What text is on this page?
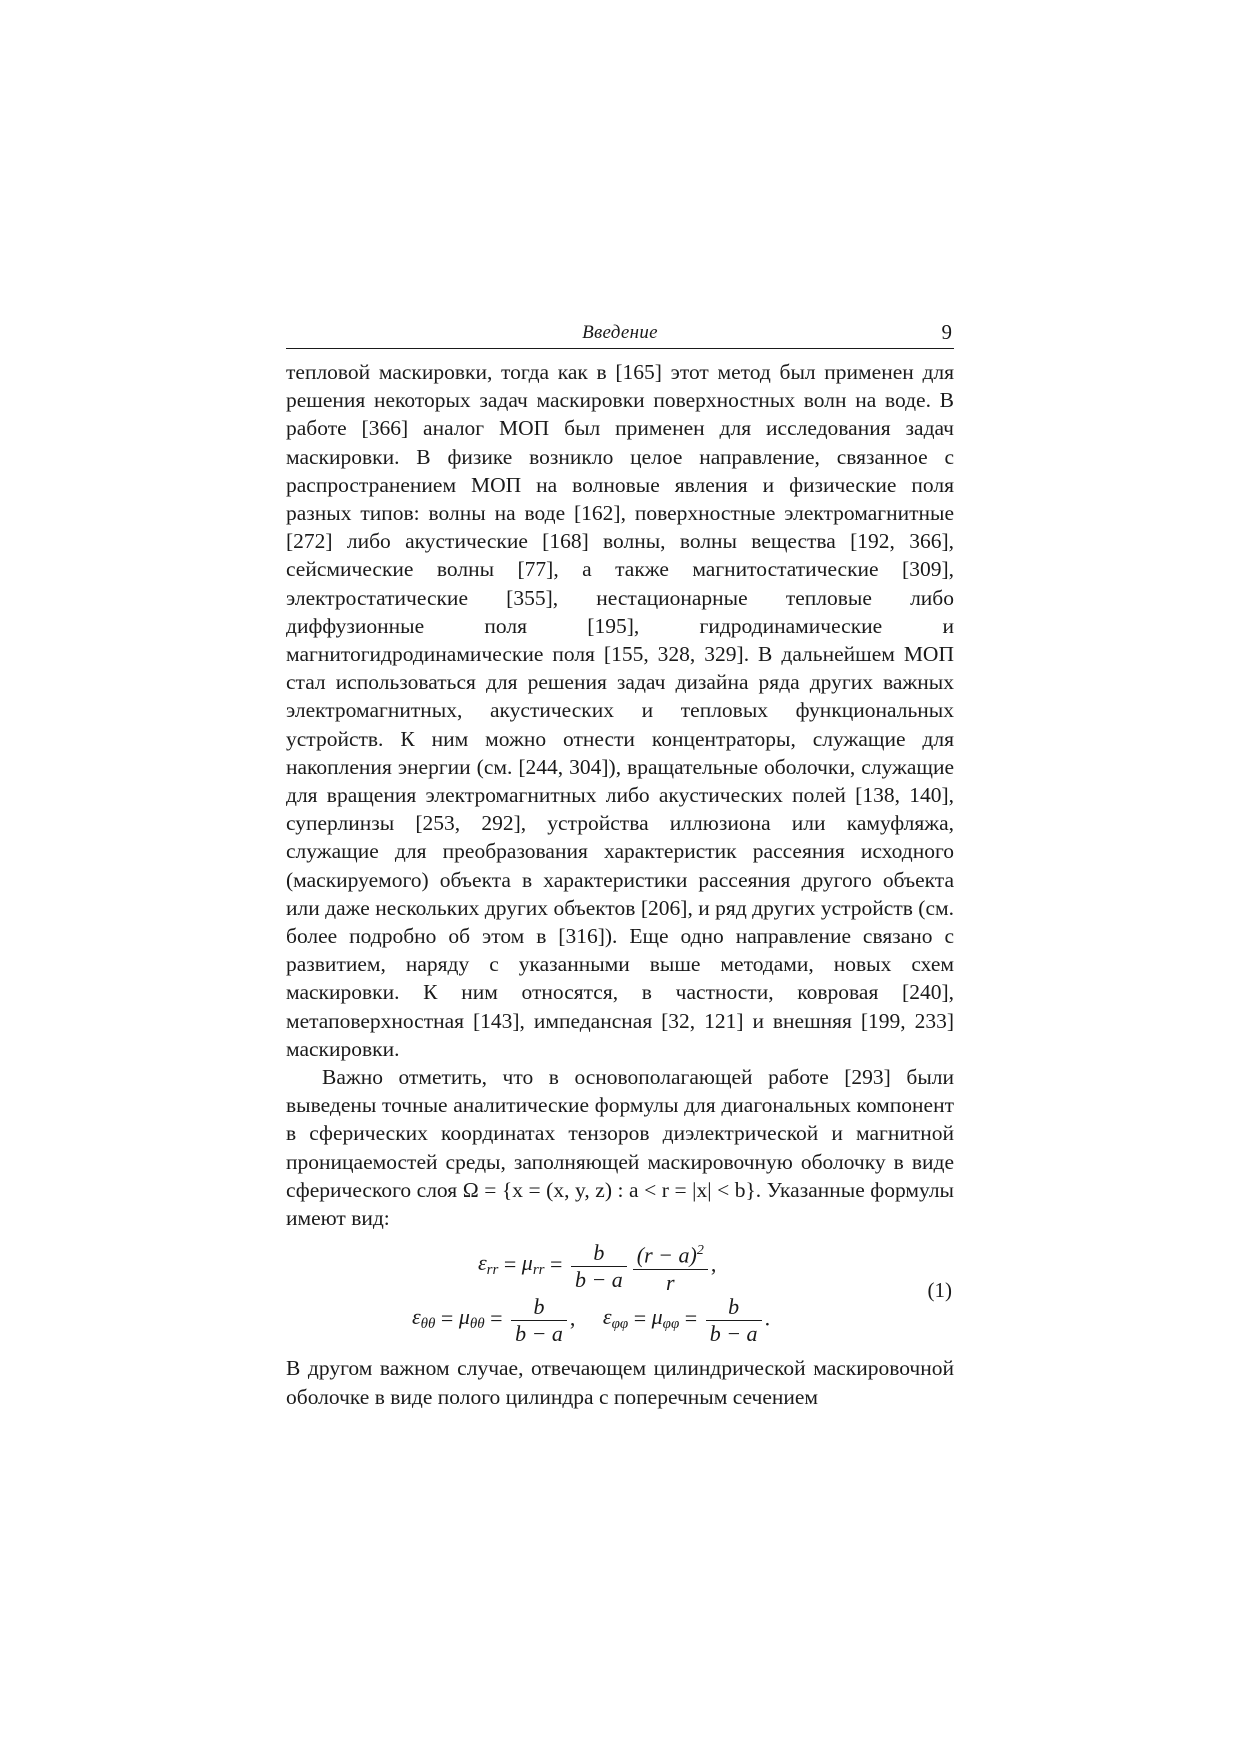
Введение	9

тепловой маскировки, тогда как в [165] этот метод был применен для решения некоторых задач маскировки поверхностных волн на воде. В работе [366] аналог МОП был применен для исследования задач маскировки. В физике возникло целое направление, связанное с распространением МОП на волновые явления и физические поля разных типов: волны на воде [162], поверхностные электромагнитные [272] либо акустические [168] волны, волны вещества [192, 366], сейсмические волны [77], а также магнитостатические [309], электростатические [355], нестационарные тепловые либо диффузионные поля [195], гидродинамические и магнитогидродинамические поля [155, 328, 329]. В дальнейшем МОП стал использоваться для решения задач дизайна ряда других важных электромагнитных, акустических и тепловых функциональных устройств. К ним можно отнести концентраторы, служащие для накопления энергии (см. [244, 304]), вращательные оболочки, служащие для вращения электромагнитных либо акустических полей [138, 140], суперлинзы [253, 292], устройства иллюзиона или камуфляжа, служащие для преобразования характеристик рассеяния исходного (маскируемого) объекта в характеристики рассеяния другого объекта или даже нескольких других объектов [206], и ряд других устройств (см. более подробно об этом в [316]). Еще одно направление связано с развитием, наряду с указанными выше методами, новых схем маскировки. К ним относятся, в частности, ковровая [240], метаповерхностная [143], импедансная [32, 121] и внешняя [199, 233] маскировки.

Важно отметить, что в основополагающей работе [293] были выведены точные аналитические формулы для диагональных компонент в сферических координатах тензоров диэлектрической и магнитной проницаемостей среды, заполняющей маскировочную оболочку в виде сферического слоя Ω = {x = (x, y, z) : a < r = |x| < b}. Указанные формулы имеют вид:

$\varepsilon_{rr} = \mu_{rr} = \frac{b}{b - a} \frac{(r - a)^2}{r}$ ,
$\varepsilon_{\theta\theta} = \mu_{\theta\theta} = \frac{b}{b - a}$ ,     $\varepsilon_{\varphi\varphi} = \mu_{\varphi\varphi} = \frac{b}{b - a}$ .
(1)

В другом важном случае, отвечающем цилиндрической маскировочной оболочке в виде полого цилиндра с поперечным сечением
